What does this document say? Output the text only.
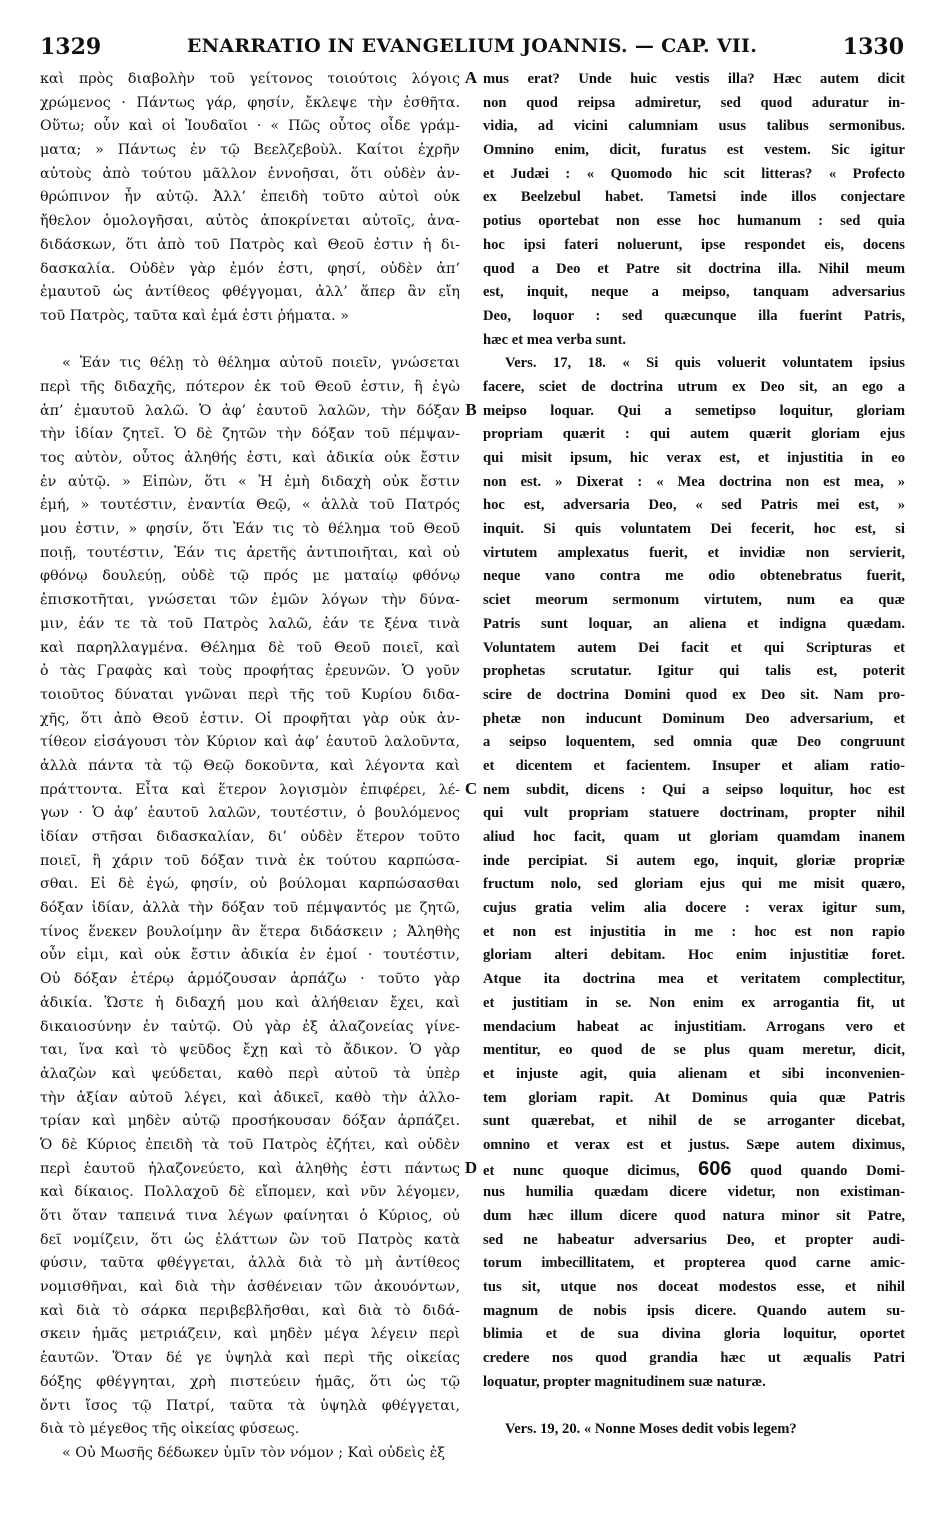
1329	ENARRATIO IN EVANGELIUM JOANNIS. — CAP. VII.	1330
καὶ πρὸς διαβολὴν τοῦ γείτονος τοιούτοις λόγοις
χρώμενος · Πάντως γάρ, φησίν, ἔκλεψε τὴν ἐσθῆτα.
Οὕτω; οὖν καὶ οἱ Ἰουδαῖοι · « Πῶς οὗτος οἶδε γράμ-
ματα; » Πάντως ἐν τῷ Βεελζεβοὺλ. Καίτοι ἐχρῆν
αὐτοὺς ἀπὸ τούτου μᾶλλον ἐννοῆσαι, ὅτι οὐδὲν ἀν-
θρώπινον ἦν αὐτῷ. Ἀλλ’ ἐπειδὴ τοῦτο αὐτοὶ οὐκ
ἤθελον ὁμολογῆσαι, αὐτὸς ἀποκρίνεται αὐτοῖς, ἀνα-
διδάσκων, ὅτι ἀπὸ τοῦ Πατρὸς καὶ Θεοῦ ἐστιν ἡ δι-
δασκαλία. Οὐδὲν γὰρ ἐμόν ἐστι, φησί, οὐδὲν ἀπ’
ἐμαυτοῦ ὡς ἀντίθεος φθέγγομαι, ἀλλ’ ἅπερ ἂν εἴη
τοῦ Πατρὸς, ταῦτα καὶ ἐμά ἐστι ῥήματα. »
« Ἐάν τις θέλῃ τὸ θέλημα αὐτοῦ ποιεῖν, γνώσεται
περὶ τῆς διδαχῆς, πότερον ἐκ τοῦ Θεοῦ ἐστιν, ἢ ἐγὼ
ἀπ’ ἐμαυτοῦ λαλῶ. Ὁ ἀφ’ ἑαυτοῦ λαλῶν, τὴν δόξαν
τὴν ἰδίαν ζητεῖ. Ὁ δὲ ζητῶν τὴν δόξαν τοῦ πέμψαν-
τος αὐτὸν, οὗτος ἀληθής ἐστι, καὶ ἀδικία οὐκ ἔστιν
ἐν αὐτῷ. » Εἰπὼν, ὅτι « Ἡ ἐμὴ διδαχὴ οὐκ ἔστιν
ἐμή, » τουτέστιν, ἐναντία Θεῷ, « ἀλλὰ τοῦ Πατρός
μου ἐστιν, » φησίν, ὅτι Ἐάν τις τὸ θέλημα τοῦ Θεοῦ
ποιῇ, τουτέστιν, Ἐάν τις ἀρετῆς ἀντιποιῆται, καὶ οὐ
φθόνῳ δουλεύῃ, οὐδὲ τῷ πρός με ματαίῳ φθόνῳ
ἐπισκοτῆται, γνώσεται τῶν ἐμῶν λόγων τὴν δύνα-
μιν, ἐάν τε τὰ τοῦ Πατρὸς λαλῶ, ἐάν τε ξένα τινὰ
καὶ παρηλλαγμένα. Θέλημα δὲ τοῦ Θεοῦ ποιεῖ, καὶ
ὁ τὰς Γραφὰς καὶ τοὺς προφήτας ἐρευνῶν. Ὁ γοῦν
τοιοῦτος δύναται γνῶναι περὶ τῆς τοῦ Κυρίου διδα-
χῆς, ὅτι ἀπὸ Θεοῦ ἐστιν. Οἱ προφῆται γὰρ οὐκ ἀν-
τίθεον εἰσάγουσι τὸν Κύριον καὶ ἀφ’ ἑαυτοῦ λαλοῦντα,
ἀλλὰ πάντα τὰ τῷ Θεῷ δοκοῦντα, καὶ λέγοντα καὶ
πράττοντα. Εἶτα καὶ ἕτερον λογισμὸν ἐπιφέρει, λέ-
γων · Ὁ ἀφ’ ἑαυτοῦ λαλῶν, τουτέστιν, ὁ βουλόμενος
ἰδίαν στῆσαι διδασκαλίαν, δι’ οὐδὲν ἕτερον τοῦτο
ποιεῖ, ἢ χάριν τοῦ δόξαν τινὰ ἐκ τούτου καρπώσα-
σθαι. Εἰ δὲ ἐγώ, φησίν, οὐ βούλομαι καρπώσασθαι
δόξαν ἰδίαν, ἀλλὰ τὴν δόξαν τοῦ πέμψαντός με ζητῶ,
τίνος ἕνεκεν βουλοίμην ἂν ἕτερα διδάσκειν ; Ἀληθὴς
οὖν εἰμι, καὶ οὐκ ἔστιν ἀδικία ἐν ἐμοί · τουτέστιν,
Οὐ δόξαν ἑτέρῳ ἁρμόζουσαν ἁρπάζω · τοῦτο γὰρ
ἀδικία. Ὥστε ἡ διδαχή μου καὶ ἀλήθειαν ἔχει, καὶ
δικαιοσύνην ἐν ταὐτῷ. Οὐ γὰρ ἐξ ἀλαζονείας γίνε-
ται, ἵνα καὶ τὸ ψεῦδος ἔχῃ καὶ τὸ ἄδικον. Ὁ γὰρ
ἀλαζὼν καὶ ψεύδεται, καθὸ περὶ αὐτοῦ τὰ ὑπὲρ
τὴν ἀξίαν αὐτοῦ λέγει, καὶ ἀδικεῖ, καθὸ τὴν ἀλλο-
τρίαν καὶ μηδὲν αὐτῷ προσήκουσαν δόξαν ἁρπάζει.
Ὁ δὲ Κύριος ἐπειδὴ τὰ τοῦ Πατρὸς ἐζήτει, καὶ οὐδὲν
περὶ ἑαυτοῦ ἠλαζονεύετο, καὶ ἀληθὴς ἐστι πάντως
καὶ δίκαιος. Πολλαχοῦ δὲ εἴπομεν, καὶ νῦν λέγομεν,
ὅτι ὅταν ταπεινά τινα λέγων φαίνηται ὁ Κύριος, οὐ
δεῖ νομίζειν, ὅτι ὡς ἐλάττων ὢν τοῦ Πατρὸς κατὰ
φύσιν, ταῦτα φθέγγεται, ἀλλὰ διὰ τὸ μὴ ἀντίθεος
νομισθῆναι, καὶ διὰ τὴν ἀσθένειαν τῶν ἀκουόντων,
καὶ διὰ τὸ σάρκα περιβεβλῆσθαι, καὶ διὰ τὸ διδά-
σκειν ἡμᾶς μετριάζειν, καὶ μηδὲν μέγα λέγειν περὶ
ἑαυτῶν. Ὅταν δέ γε ὑψηλὰ καὶ περὶ τῆς οἰκείας
δόξης φθέγγηται, χρὴ πιστεύειν ἡμᾶς, ὅτι ὡς τῷ
ὄντι ἴσος τῷ Πατρί, ταῦτα τὰ ὑψηλὰ φθέγγεται,
διὰ τὸ μέγεθος τῆς οἰκείας φύσεως.
« Οὐ Μωσῆς δέδωκεν ὑμῖν τὸν νόμον ; Καὶ οὐδεὶς ἐξ
mus erat? Unde huic vestis illa? Hæc autem dicit
non quod reipsa admiretur, sed quod aduratur in-
vidia, ad vicini calumniam usus talibus sermonibus.
Omnino enim, dicit, furatus est vestem. Sic igitur
et Judæi : « Quomodo hic scit litteras? « Profecto
ex Beelzebul habet. Tametsi inde illos conjectare
potius oportebat non esse hoc humanum : sed quia
hoc ipsi fateri noluerunt, ipse respondet eis, docens
quod a Deo et Patre sit doctrina illa. Nihil meum
est, inquit, neque a meipso, tanquam adversarius
Deo, loquor : sed quæcunque illa fuerint Patris,
hæc et mea verba sunt.
Vers. 17, 18. « Si quis voluerit voluntatem ipsius
facere, sciet de doctrina utrum ex Deo sit, an ego a
meipso loquar. Qui a semetipso loquitur, gloriam
propriam quærit : qui autem quærit gloriam ejus
qui misit ipsum, hic verax est, et injustitia in eo
non est. » Dixerat : « Mea doctrina non est mea, »
hoc est, adversaria Deo, « sed Patris mei est, »
inquit. Si quis voluntatem Dei fecerit, hoc est, si
virtutem amplexatus fuerit, et invidiæ non servierit,
neque vano contra me odio obtenebratus fuerit,
sciet meorum sermonum virtutem, num ea quæ
Patris sunt loquar, an aliena et indigna quædam.
Voluntatem autem Dei facit et qui Scripturas et
prophetas scrutatur. Igitur qui talis est, poterit
scire de doctrina Domini quod ex Deo sit. Nam pro-
phetæ non inducunt Dominum Deo adversarium, et
a seipso loquentem, sed omnia quæ Deo congruunt
et dicentem et facientem. Insuper et aliam ratio-
nem subdit, dicens : Qui a seipso loquitur, hoc est
qui vult propriam statuere doctrinam, propter nihil
aliud hoc facit, quam ut gloriam quamdam inanem
inde percipiat. Si autem ego, inquit, gloriæ propriæ
fructum nolo, sed gloriam ejus qui me misit quæro,
cujus gratia velim alia docere : verax igitur sum,
et non est injustitia in me : hoc est non rapio
gloriam alteri debitam. Hoc enim injustitiæ foret.
Atque ita doctrina mea et veritatem complectitur,
et justitiam in se. Non enim ex arrogantia fit, ut
mendacium habeat ac injustitiam. Arrogans vero et
mentitur, eo quod de se plus quam meretur, dicit,
et injuste agit, quia alienam et sibi inconvenien-
tem gloriam rapit. At Dominus quia quæ Patris
sunt quærebat, et nihil de se arroganter dicebat,
omnino et verax est et justus. Sæpe autem diximus,
et nunc quoque dicimus, 606 quod quando Domi-
nus humilia quædam dicere videtur, non existiman-
dum hæc illum dicere quod natura minor sit Patre,
sed ne habeatur adversarius Deo, et propter audi-
torum imbecillitatem, et propterea quod carne amic-
tus sit, utque nos doceat modestos esse, et nihil
magnum de nobis ipsis dicere. Quando autem su-
blimia et de sua divina gloria loquitur, oportet
credere nos quod grandia hæc ut æqualis Patri
loquatur, propter magnitudinem suæ naturæ.
Vers. 19, 20. « Nonne Moses dedit vobis legem?
A
B
C
D
